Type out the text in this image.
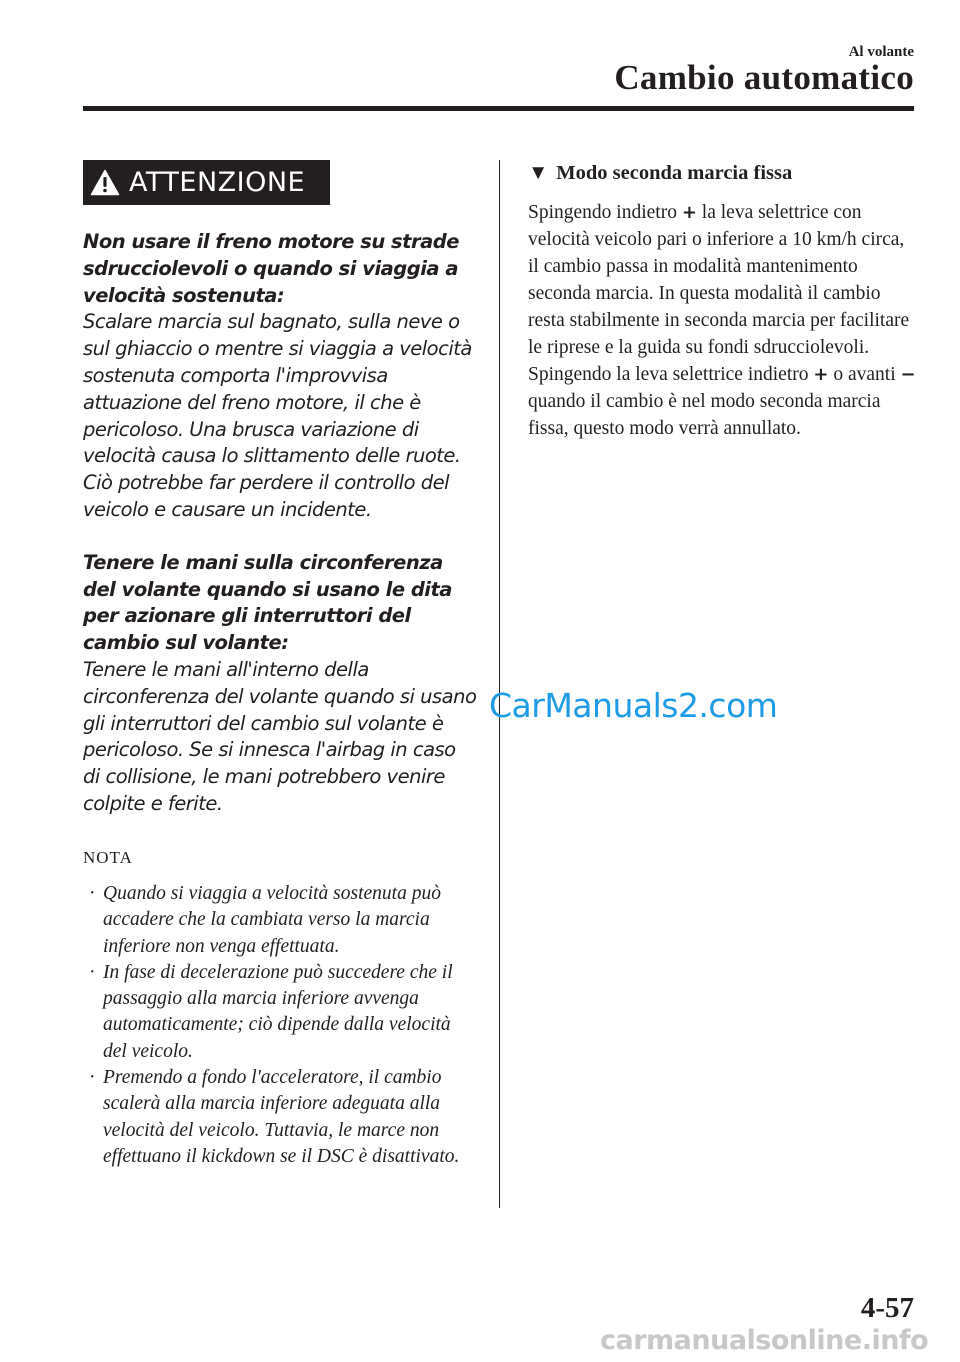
Al volante
Cambio automatico
ATTENZIONE
Non usare il freno motore su strade sdrucciolevoli o quando si viaggia a velocità sostenuta:
Scalare marcia sul bagnato, sulla neve o sul ghiaccio o mentre si viaggia a velocità sostenuta comporta l'improvvisa attuazione del freno motore, il che è pericoloso. Una brusca variazione di velocità causa lo slittamento delle ruote. Ciò potrebbe far perdere il controllo del veicolo e causare un incidente.
Tenere le mani sulla circonferenza del volante quando si usano le dita per azionare gli interruttori del cambio sul volante:
Tenere le mani all'interno della circonferenza del volante quando si usano gli interruttori del cambio sul volante è pericoloso. Se si innesca l'airbag in caso di collisione, le mani potrebbero venire colpite e ferite.
NOTA
· Quando si viaggia a velocità sostenuta può accadere che la cambiata verso la marcia inferiore non venga effettuata.
· In fase di decelerazione può succedere che il passaggio alla marcia inferiore avvenga automaticamente; ciò dipende dalla velocità del veicolo.
· Premendo a fondo l'acceleratore, il cambio scalerà alla marcia inferiore adeguata alla velocità del veicolo. Tuttavia, le marce non effettuano il kickdown se il DSC è disattivato.
▼ Modo seconda marcia fissa
Spingendo indietro + la leva selettrice con velocità veicolo pari o inferiore a 10 km/h circa, il cambio passa in modalità mantenimento seconda marcia. In questa modalità il cambio resta stabilmente in seconda marcia per facilitare le riprese e la guida su fondi sdrucciolevoli.
Spingendo la leva selettrice indietro + o avanti − quando il cambio è nel modo seconda marcia fissa, questo modo verrà annullato.
CarManuals2.com
4-57
carmanualsonline.info
